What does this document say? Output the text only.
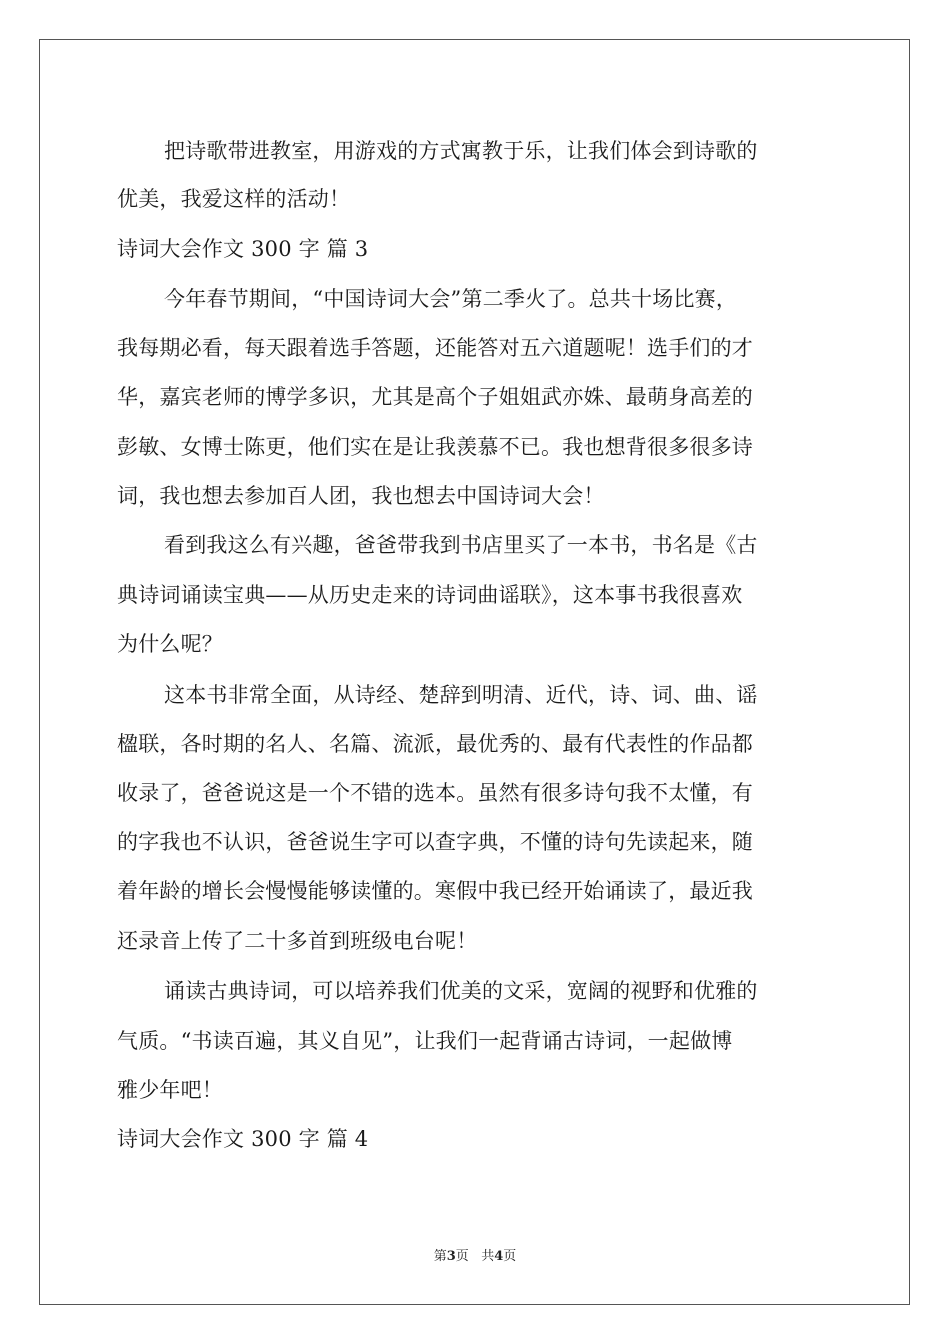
把诗歌带进教室，用游戏的方式寓教于乐，让我们体会到诗歌的
优美，我爱这样的活动！
诗词大会作文 300 字 篇 3
今年春节期间，“中国诗词大会”第二季火了。总共十场比赛，
我每期必看，每天跟着选手答题，还能答对五六道题呢！选手们的才
华，嘉宾老师的博学多识，尤其是高个子姐姐武亦姝、最萌身高差的
彭敏、女博士陈更，他们实在是让我羡慕不已。我也想背很多很多诗
词，我也想去参加百人团，我也想去中国诗词大会！
看到我这么有兴趣，爸爸带我到书店里买了一本书，书名是《古
典诗词诵读宝典——从历史走来的诗词曲谣联》，这本事书我很喜欢
为什么呢？
这本书非常全面，从诗经、楚辞到明清、近代，诗、词、曲、谣
楹联，各时期的名人、名篇、流派，最优秀的、最有代表性的作品都
收录了，爸爸说这是一个不错的选本。虽然有很多诗句我不太懂，有
的字我也不认识，爸爸说生字可以查字典，不懂的诗句先读起来，随
着年龄的增长会慢慢能够读懂的。寒假中我已经开始诵读了，最近我
还录音上传了二十多首到班级电台呢！
诵读古典诗词，可以培养我们优美的文采，宽阔的视野和优雅的
气质。“书读百遍，其义自见”，让我们一起背诵古诗词，一起做博
雅少年吧！
诗词大会作文 300 字 篇 4
第3页   共4页
